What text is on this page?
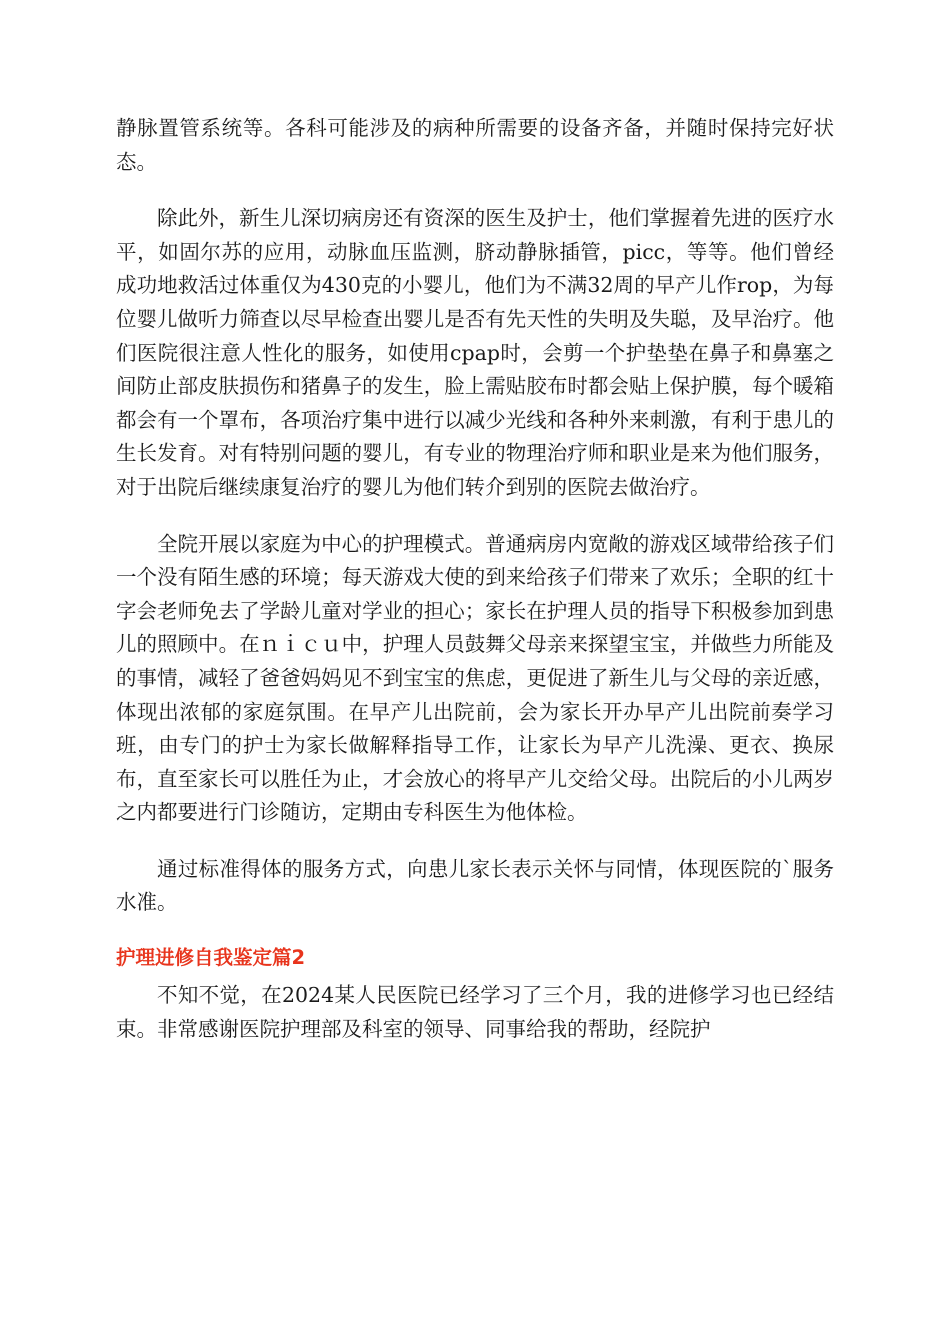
静脉置管系统等。各科可能涉及的病种所需要的设备齐备，并随时保持完好状态。

除此外，新生儿深切病房还有资深的医生及护士，他们掌握着先进的医疗水平，如固尔苏的应用，动脉血压监测，脐动静脉插管，picc，等等。他们曾经成功地救活过体重仅为430克的小婴儿，他们为不满32周的早产儿作rop，为每位婴儿做听力筛查以尽早检查出婴儿是否有先天性的失明及失聪，及早治疗。他们医院很注意人性化的服务，如使用cpap时，会剪一个护垫垫在鼻子和鼻塞之间防止部皮肤损伤和猪鼻子的发生，脸上需贴胶布时都会贴上保护膜，每个暖箱都会有一个罩布，各项治疗集中进行以减少光线和各种外来刺激，有利于患儿的生长发育。对有特别问题的婴儿，有专业的物理治疗师和职业是来为他们服务，对于出院后继续康复治疗的婴儿为他们转介到别的医院去做治疗。

全院开展以家庭为中心的护理模式。普通病房内宽敞的游戏区域带给孩子们一个没有陌生感的环境；每天游戏大使的到来给孩子们带来了欢乐；全职的红十字会老师免去了学龄儿童对学业的担心；家长在护理人员的指导下积极参加到患儿的照顾中。在ｎｉｃｕ中，护理人员鼓舞父母亲来探望宝宝，并做些力所能及的事情，减轻了爸爸妈妈见不到宝宝的焦虑，更促进了新生儿与父母的亲近感，体现出浓郁的家庭氛围。在早产儿出院前，会为家长开办早产儿出院前奏学习班，由专门的护士为家长做解释指导工作，让家长为早产儿洗澡、更衣、换尿布，直至家长可以胜任为止，才会放心的将早产儿交给父母。出院后的小儿两岁之内都要进行门诊随访，定期由专科医生为他体检。

通过标准得体的服务方式，向患儿家长表示关怀与同情，体现医院的`服务水准。

护理进修自我鉴定篇2

不知不觉，在2024某人民医院已经学习了三个月，我的进修学习也已经结束。非常感谢医院护理部及科室的领导、同事给我的帮助，经院护
